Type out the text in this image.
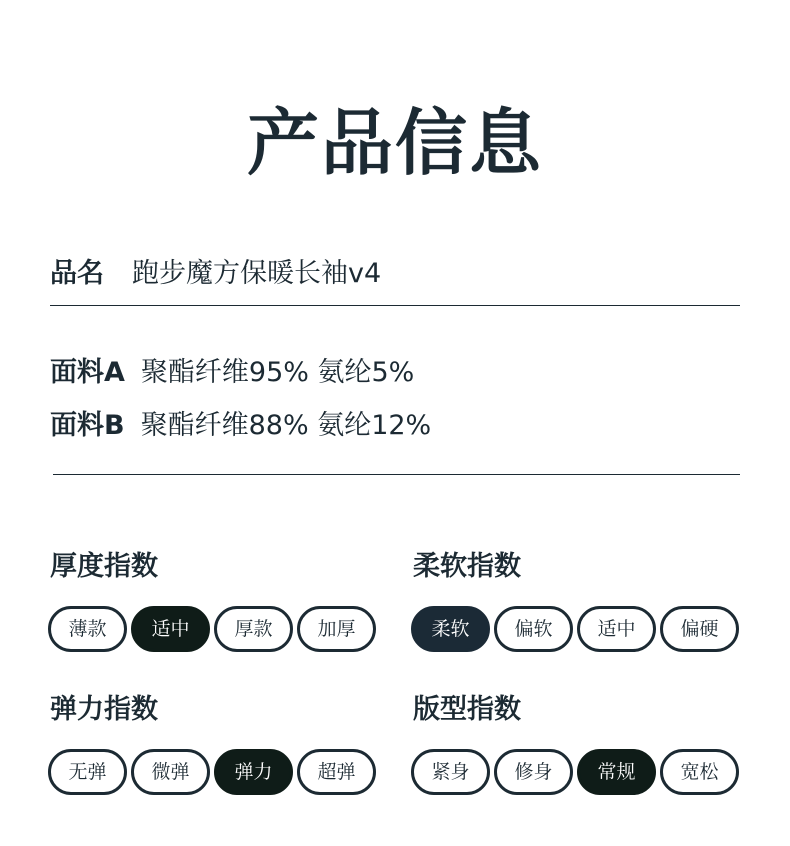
产品信息
品名 跑步魔方保暖长袖v4
面料A 聚酯纤维95% 氨纶5%
面料B 聚酯纤维88% 氨纶12%
厚度指数
薄款	适中	厚款	加厚
柔软指数
柔软	偏软	适中	偏硬
弹力指数
无弹	微弹	弹力	超弹
版型指数
紧身	修身	常规	宽松
